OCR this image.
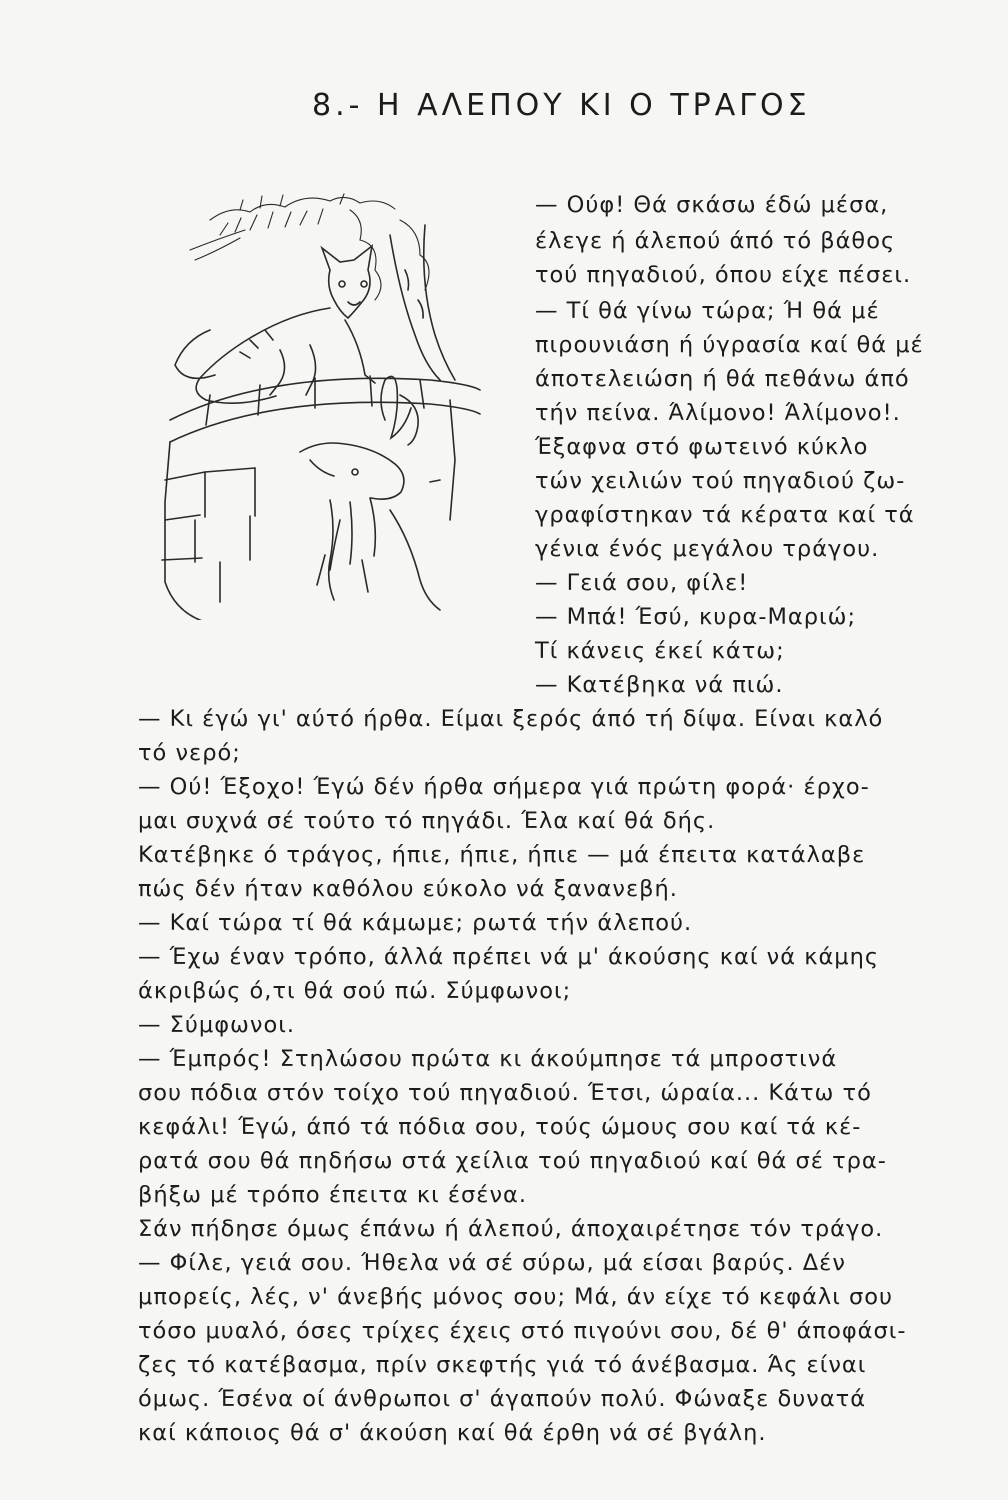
8.- Η ΑΛΕΠΟΥ ΚΙ Ο ΤΡΑΓΟΣ
— Ούφ! Θά σκάσω έδώ μέσα,
έλεγε ή άλεπού άπό τό βάθος
τού πηγαδιού, όπου είχε πέσει.
— Τί θά γίνω τώρα; Ή θά μέ
πιρουνιάση ή ύγρασία καί θά μέ
άποτελειώση ή θά πεθάνω άπό
τήν πείνα. Άλίμονο! Άλίμονο!.
Έξαφνα στό φωτεινό κύκλο
τών χειλιών τού πηγαδιού ζω-
γραφίστηκαν τά κέρατα καί τά
γένια ένός μεγάλου τράγου.
— Γειά σου, φίλε!
— Μπά! Έσύ, κυρα-Μαριώ;
Τί κάνεις έκεί κάτω;
— Κατέβηκα νά πιώ.
— Κι έγώ γι' αύτό ήρθα. Είμαι ξερός άπό τή δίψα. Είναι καλό
τό νερό;
— Ού! Έξοχο! Έγώ δέν ήρθα σήμερα γιά πρώτη φορά· έρχο-
μαι συχνά σέ τούτο τό πηγάδι. Έλα καί θά δής.
Κατέβηκε ό τράγος, ήπιε, ήπιε, ήπιε — μά έπειτα κατάλαβε
πώς δέν ήταν καθόλου εύκολο νά ξανανεβή.
— Καί τώρα τί θά κάμωμε; ρωτά τήν άλεπού.
— Έχω έναν τρόπο, άλλά πρέπει νά μ' άκούσης καί νά κάμης
άκριβώς ό,τι θά σού πώ. Σύμφωνοι;
— Σύμφωνοι.
— Έμπρός! Στηλώσου πρώτα κι άκούμπησε τά μπροστινά
σου πόδια στόν τοίχο τού πηγαδιού. Έτσι, ώραία... Κάτω τό
κεφάλι! Έγώ, άπό τά πόδια σου, τούς ώμους σου καί τά κέ-
ρατά σου θά πηδήσω στά χείλια τού πηγαδιού καί θά σέ τρα-
βήξω μέ τρόπο έπειτα κι έσένα.
Σάν πήδησε όμως έπάνω ή άλεπού, άποχαιρέτησε τόν τράγο.
— Φίλε, γειά σου. Ήθελα νά σέ σύρω, μά είσαι βαρύς. Δέν
μπορείς, λές, ν' άνεβής μόνος σου; Μά, άν είχε τό κεφάλι σου
τόσο μυαλό, όσες τρίχες έχεις στό πιγούνι σου, δέ θ' άποφάσι-
ζες τό κατέβασμα, πρίν σκεφτής γιά τό άνέβασμα. Άς είναι
όμως. Έσένα οί άνθρωποι σ' άγαπούν πολύ. Φώναξε δυνατά
καί κάποιος θά σ' άκούση καί θά έρθη νά σέ βγάλη.
